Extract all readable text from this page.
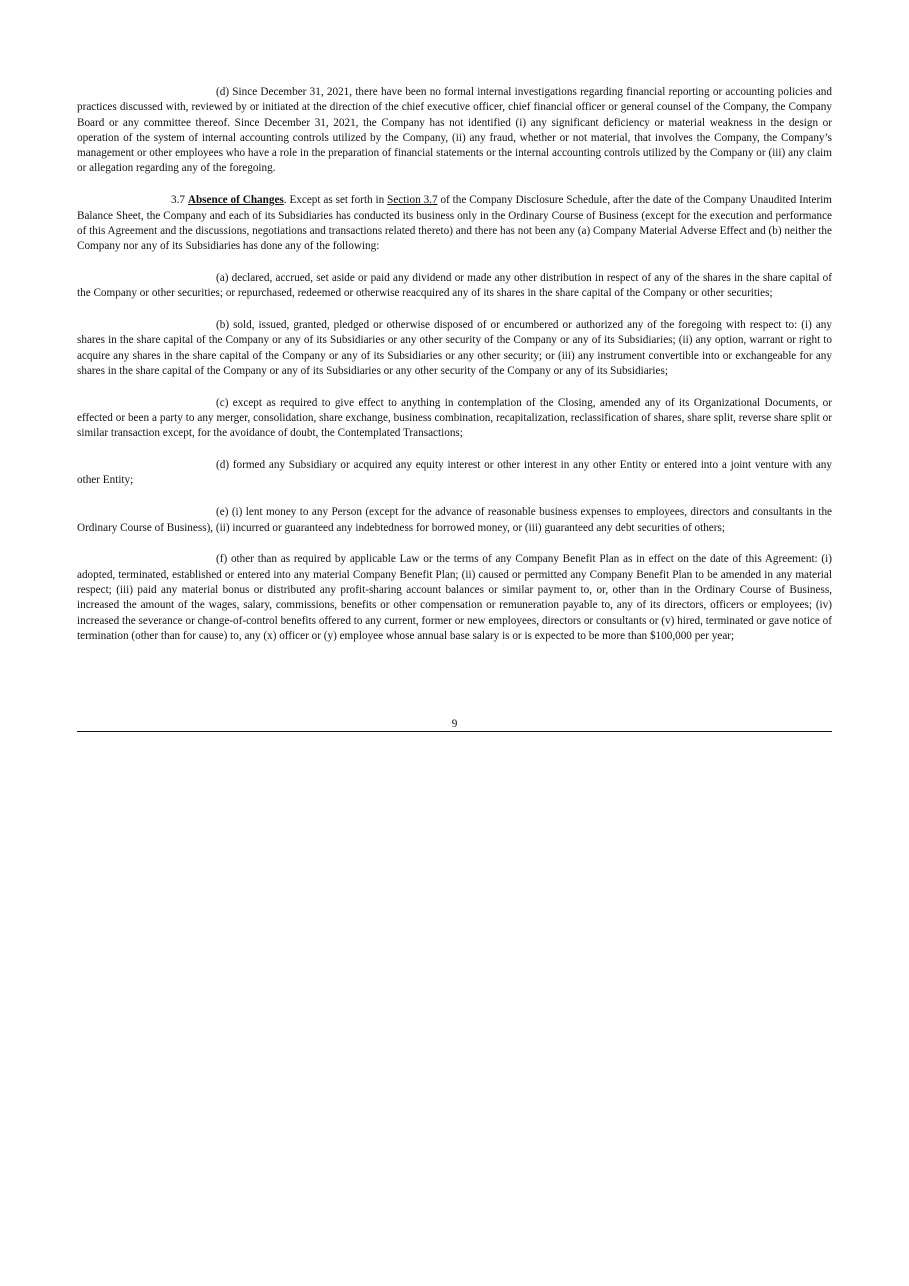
(d) Since December 31, 2021, there have been no formal internal investigations regarding financial reporting or accounting policies and practices discussed with, reviewed by or initiated at the direction of the chief executive officer, chief financial officer or general counsel of the Company, the Company Board or any committee thereof. Since December 31, 2021, the Company has not identified (i) any significant deficiency or material weakness in the design or operation of the system of internal accounting controls utilized by the Company, (ii) any fraud, whether or not material, that involves the Company, the Company’s management or other employees who have a role in the preparation of financial statements or the internal accounting controls utilized by the Company or (iii) any claim or allegation regarding any of the foregoing.

3.7 Absence of Changes. Except as set forth in Section 3.7 of the Company Disclosure Schedule, after the date of the Company Unaudited Interim Balance Sheet, the Company and each of its Subsidiaries has conducted its business only in the Ordinary Course of Business (except for the execution and performance of this Agreement and the discussions, negotiations and transactions related thereto) and there has not been any (a) Company Material Adverse Effect and (b) neither the Company nor any of its Subsidiaries has done any of the following:

(a) declared, accrued, set aside or paid any dividend or made any other distribution in respect of any of the shares in the share capital of the Company or other securities; or repurchased, redeemed or otherwise reacquired any of its shares in the share capital of the Company or other securities;

(b) sold, issued, granted, pledged or otherwise disposed of or encumbered or authorized any of the foregoing with respect to: (i) any shares in the share capital of the Company or any of its Subsidiaries or any other security of the Company or any of its Subsidiaries; (ii) any option, warrant or right to acquire any shares in the share capital of the Company or any of its Subsidiaries or any other security; or (iii) any instrument convertible into or exchangeable for any shares in the share capital of the Company or any of its Subsidiaries or any other security of the Company or any of its Subsidiaries;

(c) except as required to give effect to anything in contemplation of the Closing, amended any of its Organizational Documents, or effected or been a party to any merger, consolidation, share exchange, business combination, recapitalization, reclassification of shares, share split, reverse share split or similar transaction except, for the avoidance of doubt, the Contemplated Transactions;

(d) formed any Subsidiary or acquired any equity interest or other interest in any other Entity or entered into a joint venture with any other Entity;

(e) (i) lent money to any Person (except for the advance of reasonable business expenses to employees, directors and consultants in the Ordinary Course of Business), (ii) incurred or guaranteed any indebtedness for borrowed money, or (iii) guaranteed any debt securities of others;

(f) other than as required by applicable Law or the terms of any Company Benefit Plan as in effect on the date of this Agreement: (i) adopted, terminated, established or entered into any material Company Benefit Plan; (ii) caused or permitted any Company Benefit Plan to be amended in any material respect; (iii) paid any material bonus or distributed any profit-sharing account balances or similar payment to, or, other than in the Ordinary Course of Business, increased the amount of the wages, salary, commissions, benefits or other compensation or remuneration payable to, any of its directors, officers or employees; (iv) increased the severance or change-of-control benefits offered to any current, former or new employees, directors or consultants or (v) hired, terminated or gave notice of termination (other than for cause) to, any (x) officer or (y) employee whose annual base salary is or is expected to be more than $100,000 per year;

9
